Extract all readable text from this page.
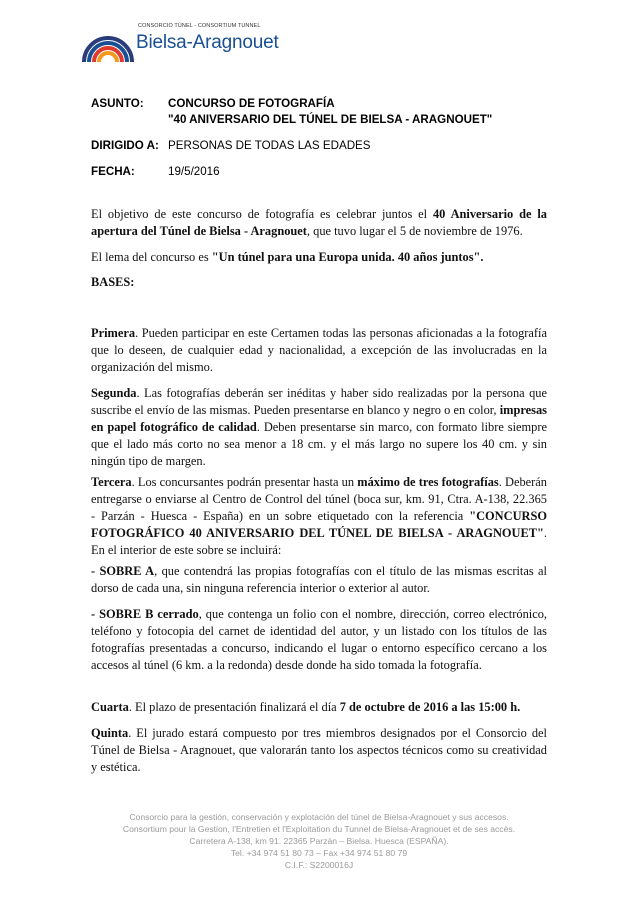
CONSORCIO TÚNEL - CONSORTIUM TUNNEL
Bielsa-Aragnouet
ASUNTO: CONCURSO DE FOTOGRAFÍA
"40 ANIVERSARIO DEL TÚNEL DE BIELSA - ARAGNOUET"
DIRIGIDO A: PERSONAS DE TODAS LAS EDADES
FECHA:	19/5/2016

El objetivo de este concurso de fotografía es celebrar juntos el 40 Aniversario de la apertura del Túnel de Bielsa - Aragnouet, que tuvo lugar el 5 de noviembre de 1976.

El lema del concurso es "Un túnel para una Europa unida. 40 años juntos".

BASES:

Primera. Pueden participar en este Certamen todas las personas aficionadas a la fotografía que lo deseen, de cualquier edad y nacionalidad, a excepción de las involucradas en la organización del mismo.

Segunda. Las fotografías deberán ser inéditas y haber sido realizadas por la persona que suscribe el envío de las mismas. Pueden presentarse en blanco y negro o en color, impresas en papel fotográfico de calidad. Deben presentarse sin marco, con formato libre siempre que el lado más corto no sea menor a 18 cm. y el más largo no supere los 40 cm. y sin ningún tipo de margen.

Tercera. Los concursantes podrán presentar hasta un máximo de tres fotografías. Deberán entregarse o enviarse al Centro de Control del túnel (boca sur, km. 91, Ctra. A-138, 22.365 - Parzán - Huesca - España) en un sobre etiquetado con la referencia "CONCURSO FOTOGRÁFICO 40 ANIVERSARIO DEL TÚNEL DE BIELSA - ARAGNOUET". En el interior de este sobre se incluirá:

- SOBRE A, que contendrá las propias fotografías con el título de las mismas escritas al dorso de cada una, sin ninguna referencia interior o exterior al autor.

- SOBRE B cerrado, que contenga un folio con el nombre, dirección, correo electrónico, teléfono y fotocopia del carnet de identidad del autor, y un listado con los títulos de las fotografías presentadas a concurso, indicando el lugar o entorno específico cercano a los accesos al túnel (6 km. a la redonda) desde donde ha sido tomada la fotografía.

Cuarta. El plazo de presentación finalizará el día 7 de octubre de 2016 a las 15:00 h.

Quinta. El jurado estará compuesto por tres miembros designados por el Consorcio del Túnel de Bielsa - Aragnouet, que valorarán tanto los aspectos técnicos como su creatividad y estética.

Consorcio para la gestión, conservación y explotación del túnel de Bielsa-Aragnouet y sus accesos.
Consortium pour la Gestion, l'Entretien et l'Exploitation du Tunnel de Bielsa-Aragnouet et de ses accès.
Carretera A-138, km 91. 22365 Parzán – Bielsa. Huesca (ESPAÑA).
Tel. +34 974 51 80 73 – Fax +34 974 51 80 79
C.I.F.: S2200016J
